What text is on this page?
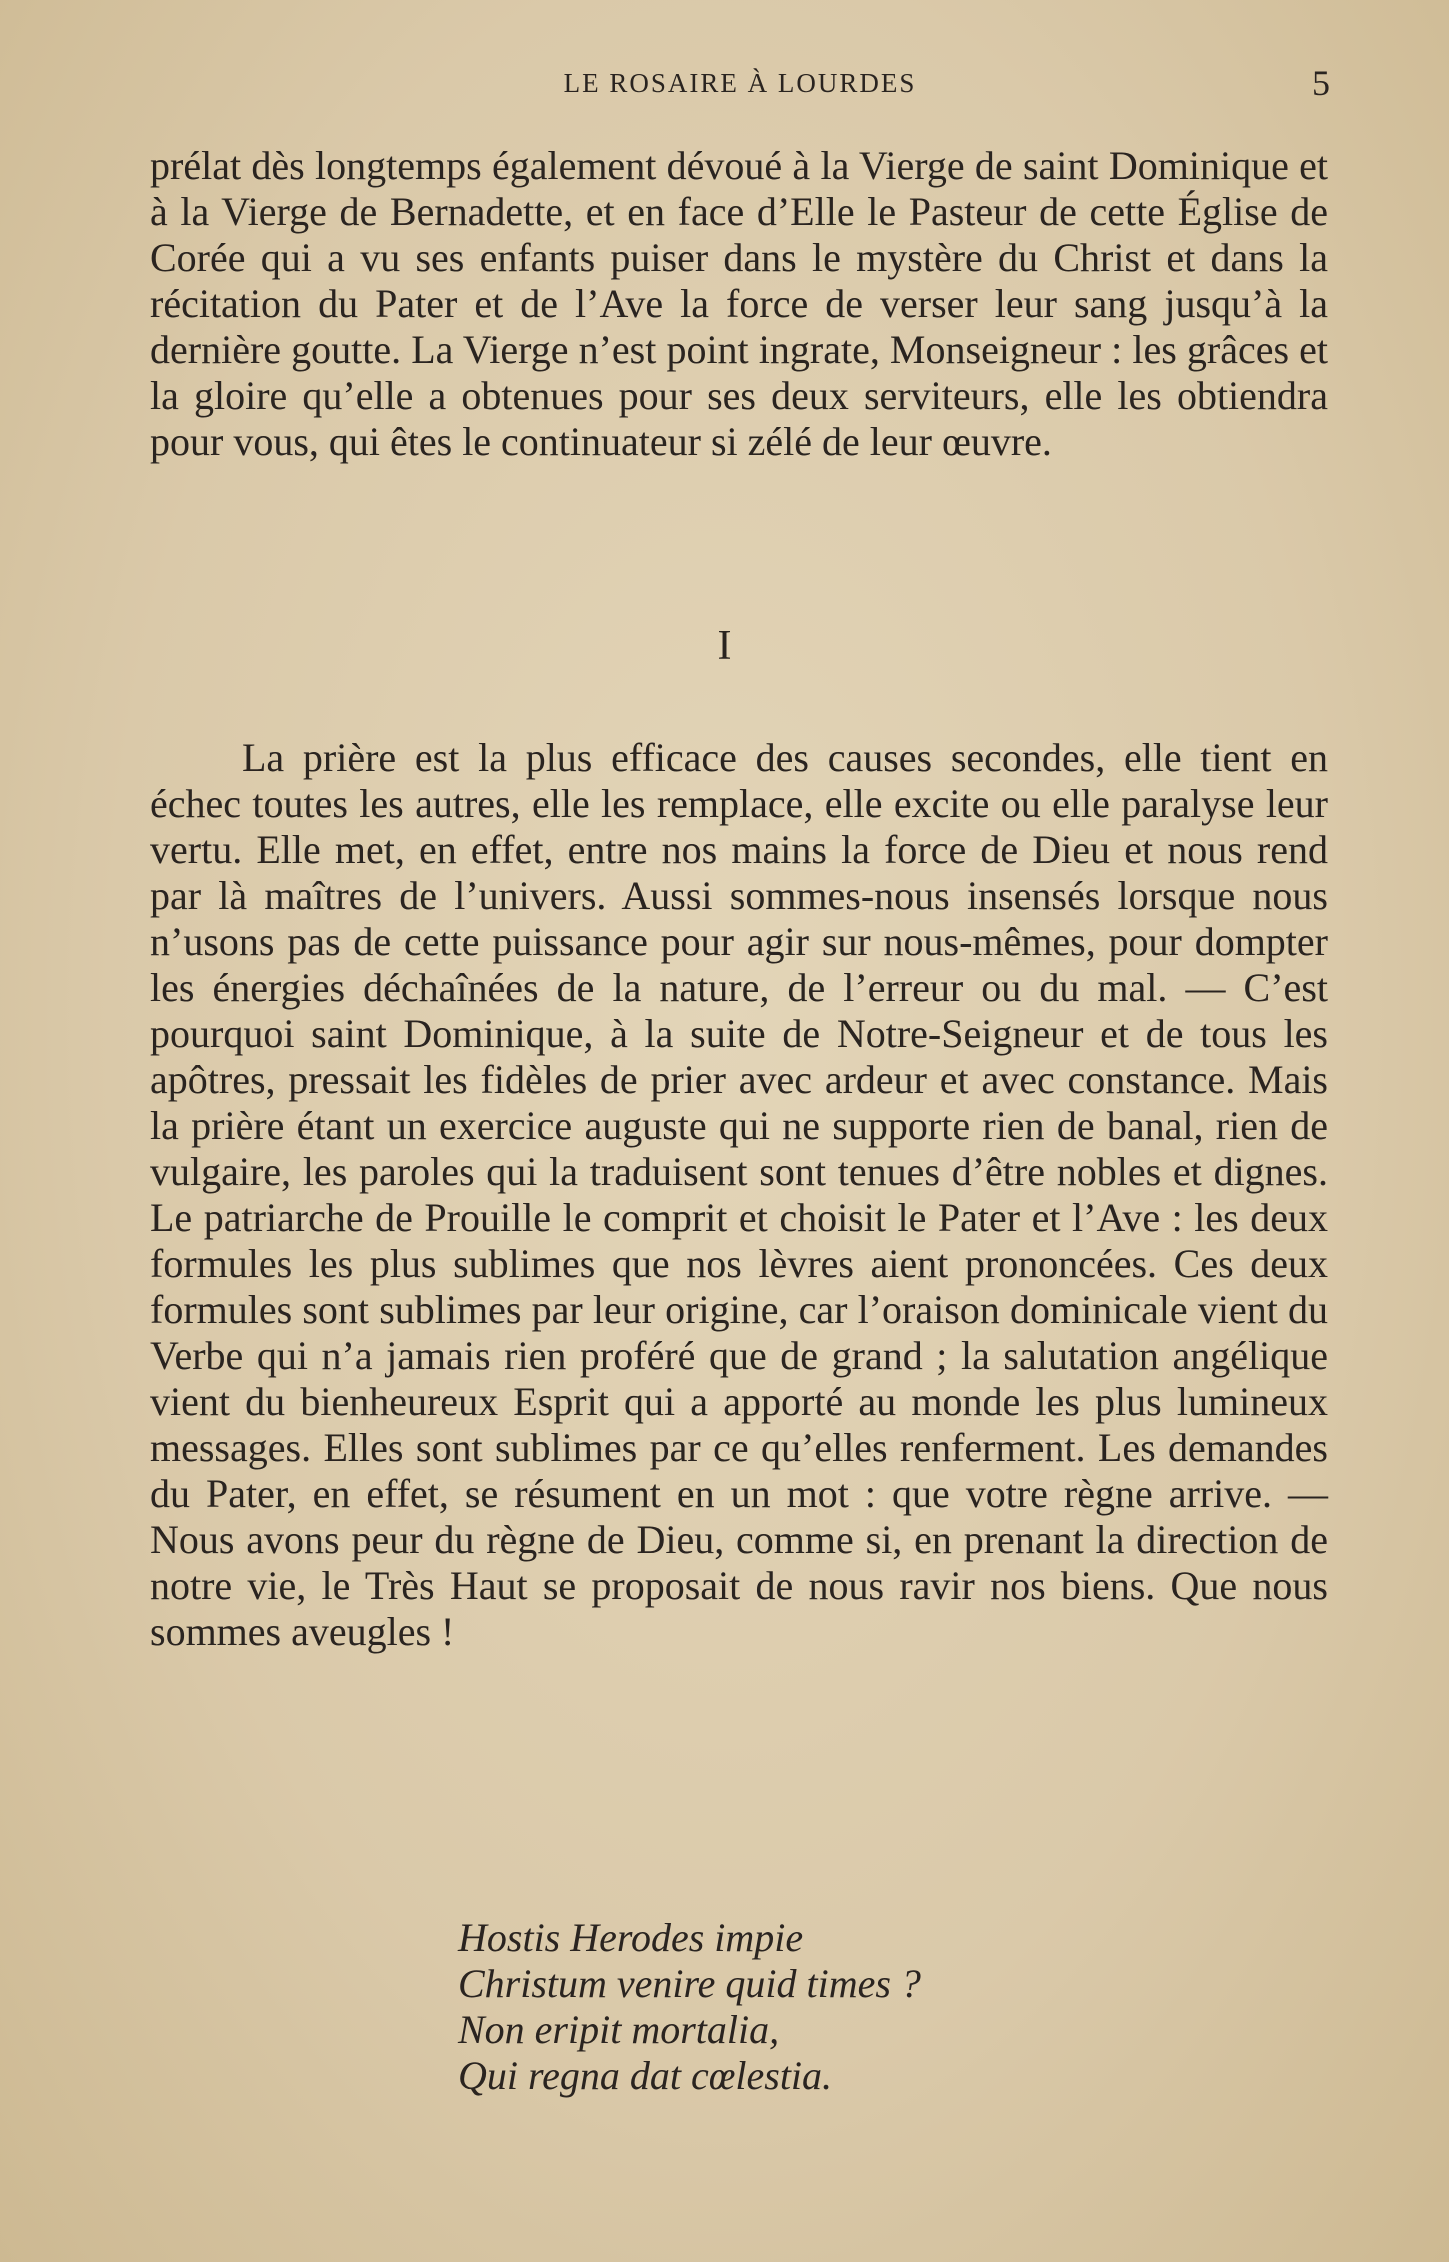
LE ROSAIRE À LOURDES	5

prélat dès longtemps également dévoué à la Vierge de saint Dominique et à la Vierge de Bernadette, et en face d’Elle le Pasteur de cette Église de Corée qui a vu ses enfants puiser dans le mystère du Christ et dans la récitation du Pater et de l’Ave la force de verser leur sang jusqu’à la dernière goutte. La Vierge n’est point ingrate, Monseigneur : les grâces et la gloire qu’elle a obtenues pour ses deux serviteurs, elle les obtiendra pour vous, qui êtes le continuateur si zélé de leur œuvre.

I

La prière est la plus efficace des causes secondes, elle tient en échec toutes les autres, elle les remplace, elle excite ou elle paralyse leur vertu. Elle met, en effet, entre nos mains la force de Dieu et nous rend par là maîtres de l’univers. Aussi sommes-nous insensés lorsque nous n’usons pas de cette puissance pour agir sur nous-mêmes, pour dompter les énergies déchaînées de la nature, de l’erreur ou du mal. — C’est pourquoi saint Dominique, à la suite de Notre-Seigneur et de tous les apôtres, pressait les fidèles de prier avec ardeur et avec constance. Mais la prière étant un exercice auguste qui ne supporte rien de banal, rien de vulgaire, les paroles qui la traduisent sont tenues d’être nobles et dignes. Le patriarche de Prouille le comprit et choisit le Pater et l’Ave : les deux formules les plus sublimes que nos lèvres aient prononcées. Ces deux formules sont sublimes par leur origine, car l’oraison dominicale vient du Verbe qui n’a jamais rien proféré que de grand ; la salutation angélique vient du bienheureux Esprit qui a apporté au monde les plus lumineux messages. Elles sont sublimes par ce qu’elles renferment. Les demandes du Pater, en effet, se résument en un mot : que votre règne arrive. — Nous avons peur du règne de Dieu, comme si, en prenant la direction de notre vie, le Très Haut se proposait de nous ravir nos biens. Que nous sommes aveugles !

Hostis Herodes impie
Christum venire quid times ?
Non eripit mortalia,
Qui regna dat cœlestia.
